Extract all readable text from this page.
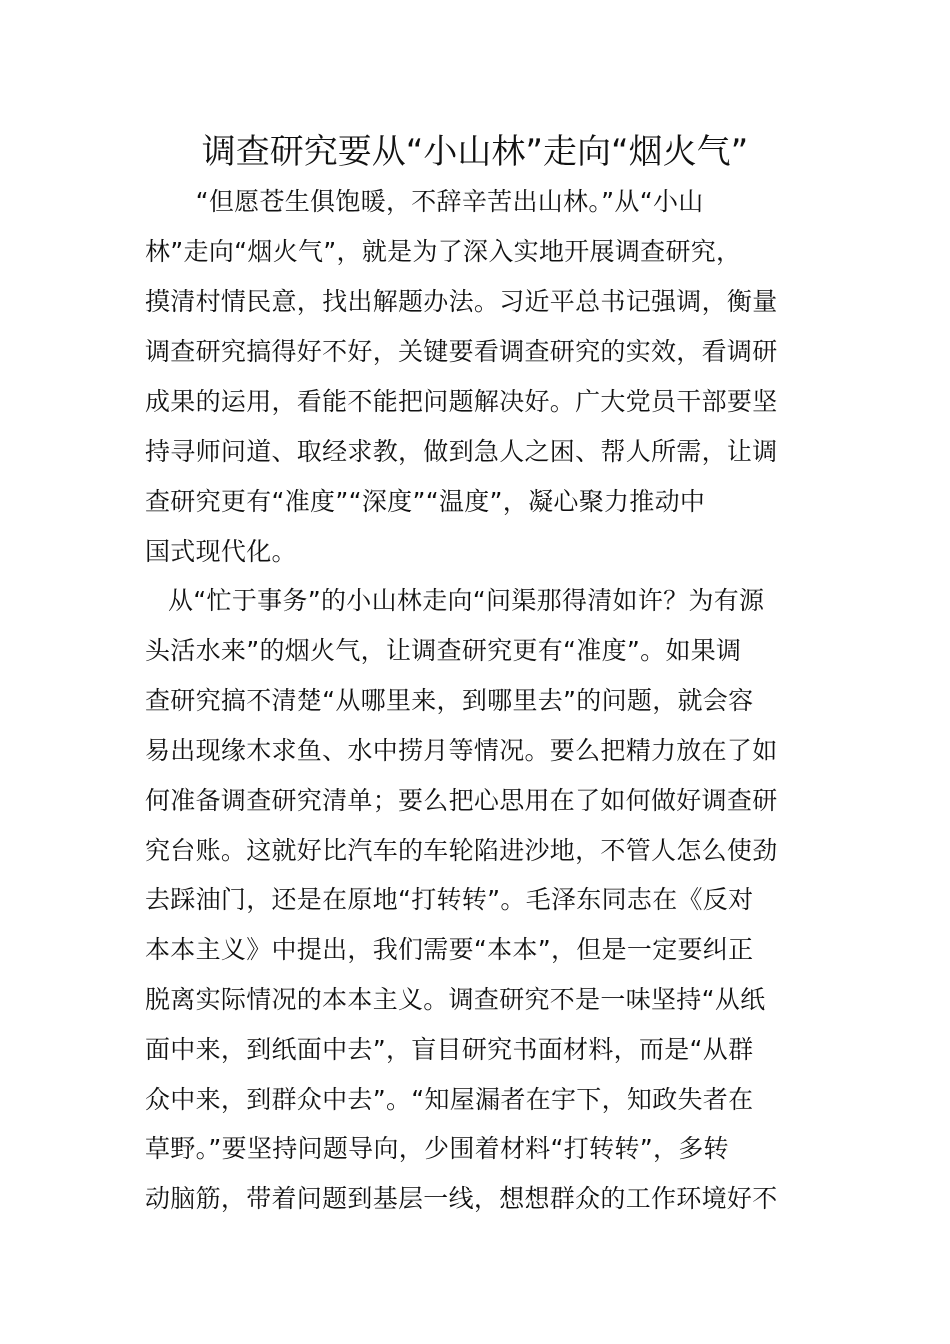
调查研究要从“小山林”走向“烟火气”
　　“但愿苍生俱饱暖，不辞辛苦出山林。”从“小山
林”走向“烟火气”，就是为了深入实地开展调查研究，
摸清村情民意，找出解题办法。习近平总书记强调，衡量
调查研究搞得好不好，关键要看调查研究的实效，看调研
成果的运用，看能不能把问题解决好。广大党员干部要坚
持寻师问道、取经求教，做到急人之困、帮人所需，让调
查研究更有“准度”“深度”“温度”，凝心聚力推动中
国式现代化。
从“忙于事务”的小山林走向“问渠那得清如许？为有源
头活水来”的烟火气，让调查研究更有“准度”。如果调
查研究搞不清楚“从哪里来，到哪里去”的问题，就会容
易出现缘木求鱼、水中捞月等情况。要么把精力放在了如
何准备调查研究清单；要么把心思用在了如何做好调查研
究台账。这就好比汽车的车轮陷进沙地，不管人怎么使劲
去踩油门，还是在原地“打转转”。毛泽东同志在《反对
本本主义》中提出，我们需要“本本”，但是一定要纠正
脱离实际情况的本本主义。调查研究不是一味坚持“从纸
面中来，到纸面中去”，盲目研究书面材料，而是“从群
众中来，到群众中去”。“知屋漏者在宇下，知政失者在
草野。”要坚持问题导向，少围着材料“打转转”，多转
动脑筋，带着问题到基层一线，想想群众的工作环境好不
